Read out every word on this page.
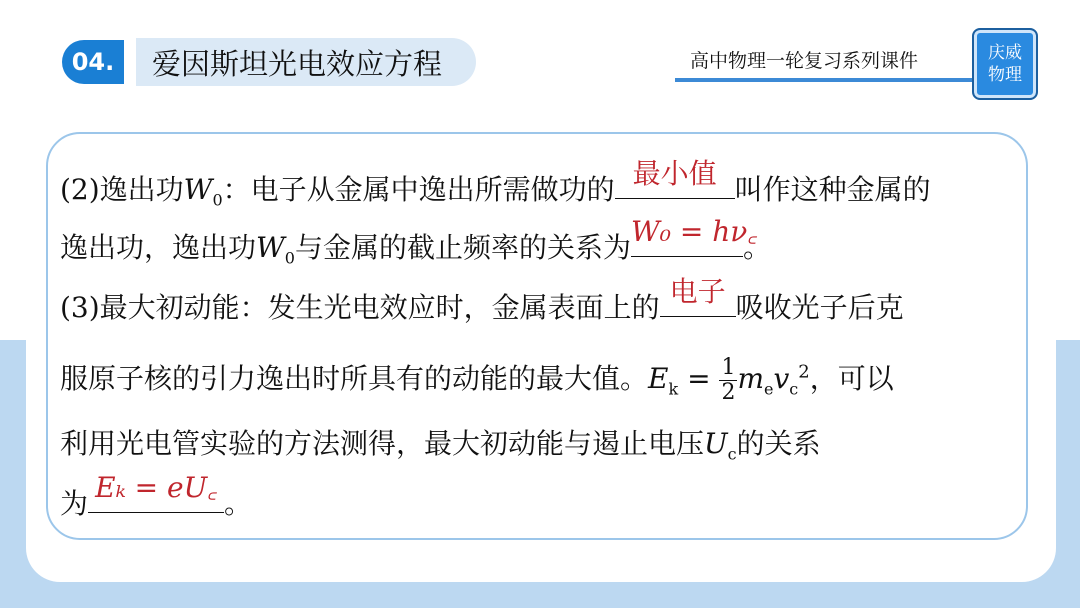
04.	爱因斯坦光电效应方程	高中物理一轮复习系列课件	庆威
物理
(2)逸出功$W_0$：电子从金属中逸出所需做功的 最小值 叫作这种金属的
逸出功，逸出功$W_0$与金属的截止频率的关系为 W₀ = hν꜀
。
(3)最大初动能：发生光电效应时，金属表面上的 电子 吸收光子后克
服原子核的引力逸出时所具有的动能的最大值。$E_k = \frac{1}{2} m_ev_c^2$，可以
利用光电管实验的方法测得，最大初动能与遏止电压$U_c$的关系
为 Eₖ = eU꜀ 。
